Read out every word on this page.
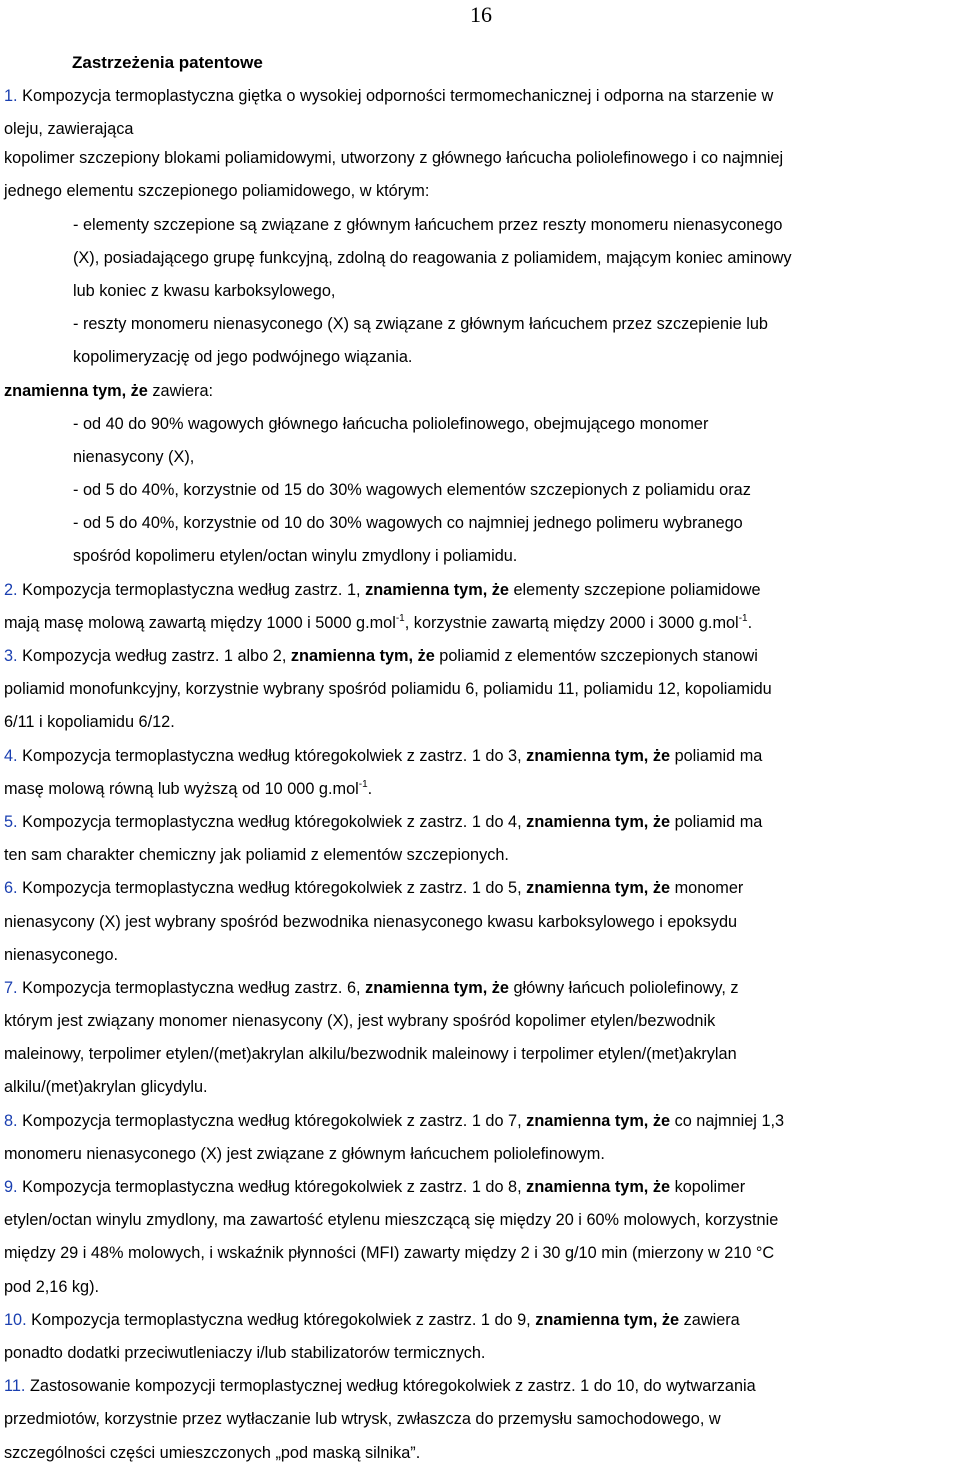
16
Zastrzeżenia patentowe
1. Kompozycja termoplastyczna giętka o wysokiej odporności termomechanicznej i odporna na starzenie w
oleju, zawierająca
kopolimer szczepiony blokami poliamidowymi, utworzony z głównego łańcucha poliolefinowego i co najmniej
jednego elementu szczepionego poliamidowego, w którym:
- elementy szczepione są związane z głównym łańcuchem przez reszty monomeru nienasyconego
(X), posiadającego grupę funkcyjną, zdolną do reagowania z poliamidem, mającym koniec aminowy
lub koniec z kwasu karboksylowego,
- reszty monomeru nienasyconego (X) są związane z głównym łańcuchem przez szczepienie lub
kopolimeryzację od jego podwójnego wiązania.
znamienna tym, że zawiera:
- od 40 do 90% wagowych głównego łańcucha poliolefinowego, obejmującego monomer
nienasycony (X),
- od 5 do 40%, korzystnie od 15 do 30% wagowych elementów szczepionych z poliamidu oraz
- od 5 do 40%, korzystnie od 10 do 30% wagowych co najmniej jednego polimeru wybranego
spośród kopolimeru etylen/octan winylu zmydlony i poliamidu.
2. Kompozycja termoplastyczna według zastrz. 1, znamienna tym, że elementy szczepione poliamidowe
mają masę molową zawartą między 1000 i 5000 g.mol$^{-1}$, korzystnie zawartą między 2000 i 3000 g.mol$^{-1}$.
3. Kompozycja według zastrz. 1 albo 2, znamienna tym, że poliamid z elementów szczepionych stanowi
poliamid monofunkcyjny, korzystnie wybrany spośród poliamidu 6, poliamidu 11, poliamidu 12, kopoliamidu
6/11 i kopoliamidu 6/12.
4. Kompozycja termoplastyczna według któregokolwiek z zastrz. 1 do 3, znamienna tym, że poliamid ma
masę molową równą lub wyższą od 10 000 g.mol$^{-1}$.
5. Kompozycja termoplastyczna według któregokolwiek z zastrz. 1 do 4, znamienna tym, że poliamid ma
ten sam charakter chemiczny jak poliamid z elementów szczepionych.
6. Kompozycja termoplastyczna według któregokolwiek z zastrz. 1 do 5, znamienna tym, że monomer
nienasycony (X) jest wybrany spośród bezwodnika nienasyconego kwasu karboksylowego i epoksydu
nienasyconego.
7. Kompozycja termoplastyczna według zastrz. 6, znamienna tym, że główny łańcuch poliolefinowy, z
którym jest związany monomer nienasycony (X), jest wybrany spośród kopolimer etylen/bezwodnik
maleinowy, terpolimer etylen/(met)akrylan alkilu/bezwodnik maleinowy i terpolimer etylen/(met)akrylan
alkilu/(met)akrylan glicydylu.
8. Kompozycja termoplastyczna według któregokolwiek z zastrz. 1 do 7, znamienna tym, że co najmniej 1,3
monomeru nienasyconego (X) jest związane z głównym łańcuchem poliolefinowym.
9. Kompozycja termoplastyczna według któregokolwiek z zastrz. 1 do 8, znamienna tym, że kopolimer
etylen/octan winylu zmydlony, ma zawartość etylenu mieszczącą się między 20 i 60% molowych, korzystnie
między 29 i 48% molowych, i wskaźnik płynności (MFI) zawarty między 2 i 30 g/10 min (mierzony w 210 °C
pod 2,16 kg).
10. Kompozycja termoplastyczna według któregokolwiek z zastrz. 1 do 9, znamienna tym, że zawiera
ponadto dodatki przeciwutleniaczy i/lub stabilizatorów termicznych.
11. Zastosowanie kompozycji termoplastycznej według któregokolwiek z zastrz. 1 do 10, do wytwarzania
przedmiotów, korzystnie przez wytłaczanie lub wtrysk, zwłaszcza do przemysłu samochodowego, w
szczególności części umieszczonych „pod maską silnika”.
